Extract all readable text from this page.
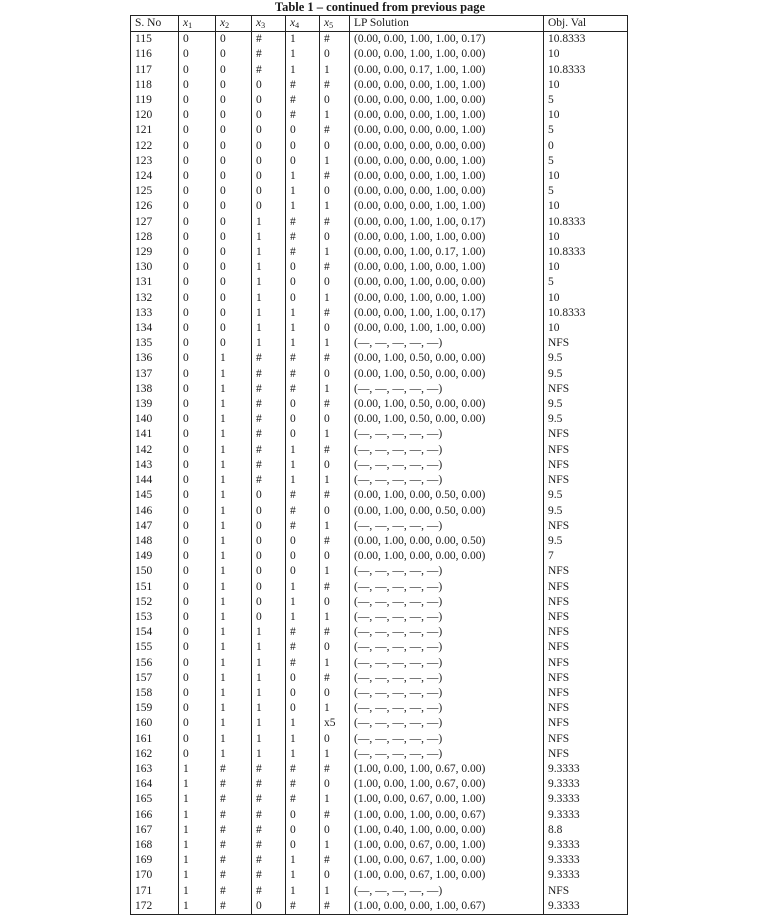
Table 1 – continued from previous page
S. No	$x_1$	$x_2$	$x_3$	$x_4$	$x_5$	LP Solution	Obj. Val
115	0	0	#	1	#	(0.00, 0.00, 1.00, 1.00, 0.17)	10.8333
116	0	0	#	1	0	(0.00, 0.00, 1.00, 1.00, 0.00)	10
117	0	0	#	1	1	(0.00, 0.00, 0.17, 1.00, 1.00)	10.8333
118	0	0	0	#	#	(0.00, 0.00, 0.00, 1.00, 1.00)	10
119	0	0	0	#	0	(0.00, 0.00, 0.00, 1.00, 0.00)	5
120	0	0	0	#	1	(0.00, 0.00, 0.00, 1.00, 1.00)	10
121	0	0	0	0	#	(0.00, 0.00, 0.00, 0.00, 1.00)	5
122	0	0	0	0	0	(0.00, 0.00, 0.00, 0.00, 0.00)	0
123	0	0	0	0	1	(0.00, 0.00, 0.00, 0.00, 1.00)	5
124	0	0	0	1	#	(0.00, 0.00, 0.00, 1.00, 1.00)	10
125	0	0	0	1	0	(0.00, 0.00, 0.00, 1.00, 0.00)	5
126	0	0	0	1	1	(0.00, 0.00, 0.00, 1.00, 1.00)	10
127	0	0	1	#	#	(0.00, 0.00, 1.00, 1.00, 0.17)	10.8333
128	0	0	1	#	0	(0.00, 0.00, 1.00, 1.00, 0.00)	10
129	0	0	1	#	1	(0.00, 0.00, 1.00, 0.17, 1.00)	10.8333
130	0	0	1	0	#	(0.00, 0.00, 1.00, 0.00, 1.00)	10
131	0	0	1	0	0	(0.00, 0.00, 1.00, 0.00, 0.00)	5
132	0	0	1	0	1	(0.00, 0.00, 1.00, 0.00, 1.00)	10
133	0	0	1	1	#	(0.00, 0.00, 1.00, 1.00, 0.17)	10.8333
134	0	0	1	1	0	(0.00, 0.00, 1.00, 1.00, 0.00)	10
135	0	0	1	1	1	(—, —, —, —, —)	NFS
136	0	1	#	#	#	(0.00, 1.00, 0.50, 0.00, 0.00)	9.5
137	0	1	#	#	0	(0.00, 1.00, 0.50, 0.00, 0.00)	9.5
138	0	1	#	#	1	(—, —, —, —, —)	NFS
139	0	1	#	0	#	(0.00, 1.00, 0.50, 0.00, 0.00)	9.5
140	0	1	#	0	0	(0.00, 1.00, 0.50, 0.00, 0.00)	9.5
141	0	1	#	0	1	(—, —, —, —, —)	NFS
142	0	1	#	1	#	(—, —, —, —, —)	NFS
143	0	1	#	1	0	(—, —, —, —, —)	NFS
144	0	1	#	1	1	(—, —, —, —, —)	NFS
145	0	1	0	#	#	(0.00, 1.00, 0.00, 0.50, 0.00)	9.5
146	0	1	0	#	0	(0.00, 1.00, 0.00, 0.50, 0.00)	9.5
147	0	1	0	#	1	(—, —, —, —, —)	NFS
148	0	1	0	0	#	(0.00, 1.00, 0.00, 0.00, 0.50)	9.5
149	0	1	0	0	0	(0.00, 1.00, 0.00, 0.00, 0.00)	7
150	0	1	0	0	1	(—, —, —, —, —)	NFS
151	0	1	0	1	#	(—, —, —, —, —)	NFS
152	0	1	0	1	0	(—, —, —, —, —)	NFS
153	0	1	0	1	1	(—, —, —, —, —)	NFS
154	0	1	1	#	#	(—, —, —, —, —)	NFS
155	0	1	1	#	0	(—, —, —, —, —)	NFS
156	0	1	1	#	1	(—, —, —, —, —)	NFS
157	0	1	1	0	#	(—, —, —, —, —)	NFS
158	0	1	1	0	0	(—, —, —, —, —)	NFS
159	0	1	1	0	1	(—, —, —, —, —)	NFS
160	0	1	1	1	x5	(—, —, —, —, —)	NFS
161	0	1	1	1	0	(—, —, —, —, —)	NFS
162	0	1	1	1	1	(—, —, —, —, —)	NFS
163	1	#	#	#	#	(1.00, 0.00, 1.00, 0.67, 0.00)	9.3333
164	1	#	#	#	0	(1.00, 0.00, 1.00, 0.67, 0.00)	9.3333
165	1	#	#	#	1	(1.00, 0.00, 0.67, 0.00, 1.00)	9.3333
166	1	#	#	0	#	(1.00, 0.00, 1.00, 0.00, 0.67)	9.3333
167	1	#	#	0	0	(1.00, 0.40, 1.00, 0.00, 0.00)	8.8
168	1	#	#	0	1	(1.00, 0.00, 0.67, 0.00, 1.00)	9.3333
169	1	#	#	1	#	(1.00, 0.00, 0.67, 1.00, 0.00)	9.3333
170	1	#	#	1	0	(1.00, 0.00, 0.67, 1.00, 0.00)	9.3333
171	1	#	#	1	1	(—, —, —, —, —)	NFS
172	1	#	0	#	#	(1.00, 0.00, 0.00, 1.00, 0.67)	9.3333
